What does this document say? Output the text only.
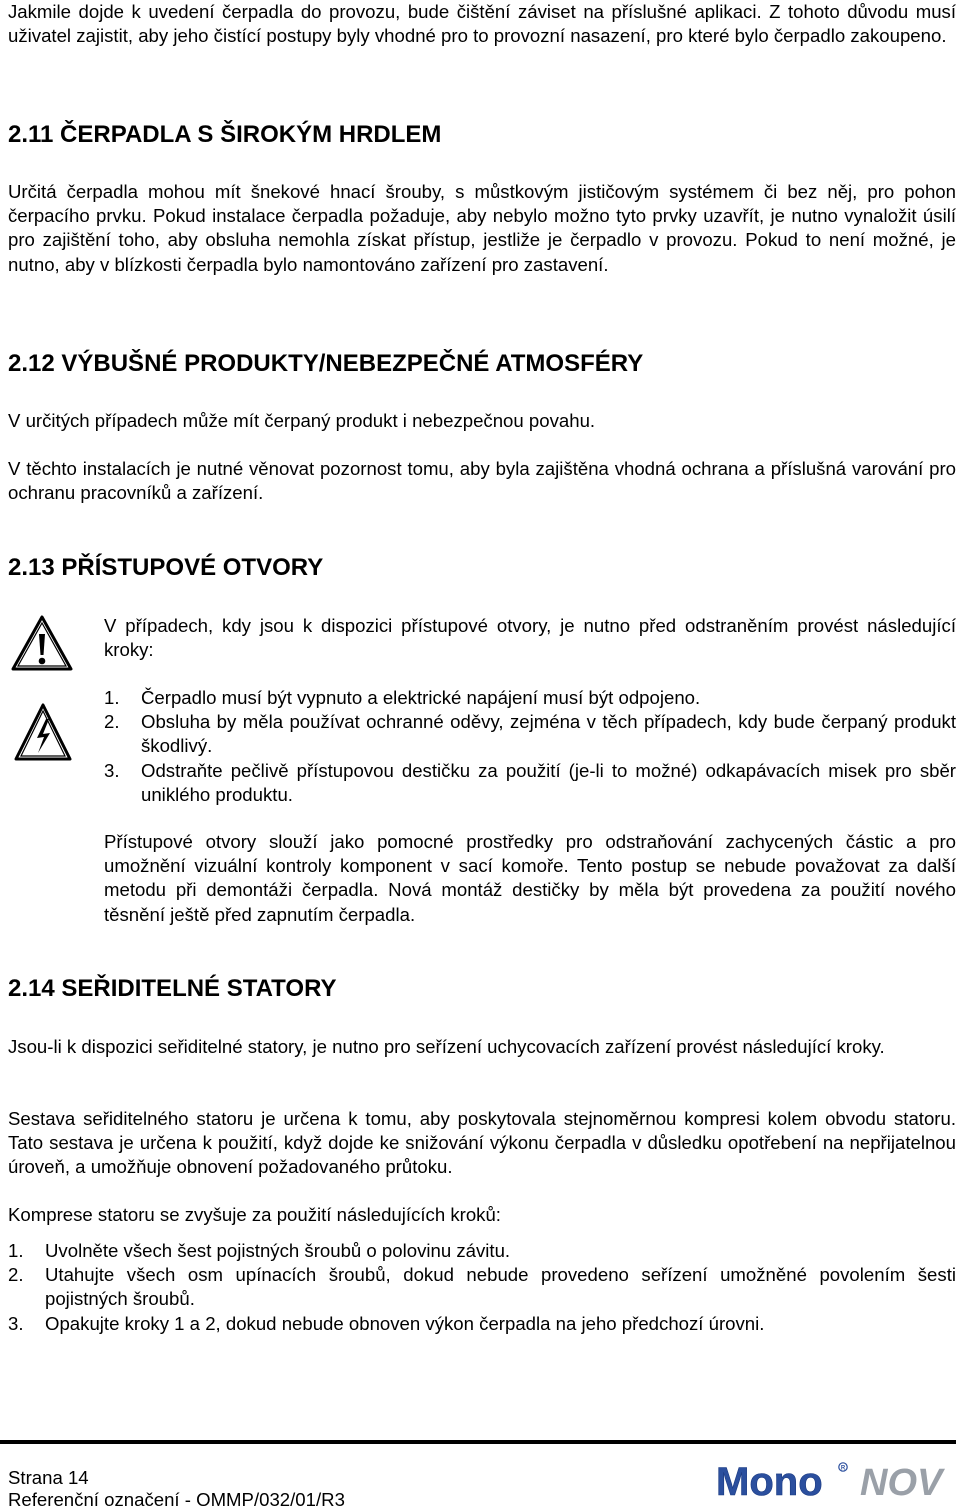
Jakmile dojde k uvedení čerpadla do provozu, bude čištění záviset na příslušné aplikaci. Z tohoto důvodu musí uživatel zajistit, aby jeho čistící postupy byly vhodné pro to provozní nasazení, pro které bylo čerpadlo zakoupeno.

2.11 ČERPADLA S ŠIROKÝM HRDLEM

Určitá čerpadla mohou mít šnekové hnací šrouby, s můstkovým jističovým systémem či bez něj, pro pohon čerpacího prvku. Pokud instalace čerpadla požaduje, aby nebylo možno tyto prvky uzavřít, je nutno vynaložit úsilí pro zajištění toho, aby obsluha nemohla získat přístup, jestliže je čerpadlo v provozu. Pokud to není možné, je nutno, aby v blízkosti čerpadla bylo namontováno zařízení pro zastavení.

2.12 VÝBUŠNÉ PRODUKTY/NEBEZPEČNÉ ATMOSFÉRY

V určitých případech může mít čerpaný produkt i nebezpečnou povahu.

V těchto instalacích je nutné věnovat pozornost tomu, aby byla zajištěna vhodná ochrana a příslušná varování pro ochranu pracovníků a zařízení.

2.13 PŘÍSTUPOVÉ OTVORY

V případech, kdy jsou k dispozici přístupové otvory, je nutno před odstraněním provést následující kroky:

1. Čerpadlo musí být vypnuto a elektrické napájení musí být odpojeno.
2. Obsluha by měla používat ochranné oděvy, zejména v těch případech, kdy bude čerpaný produkt škodlivý.
3. Odstraňte pečlivě přístupovou destičku za použití (je-li to možné) odkapávacích misek pro sběr uniklého produktu.

Přístupové otvory slouží jako pomocné prostředky pro odstraňování zachycených částic a pro umožnění vizuální kontroly komponent v sací komoře. Tento postup se nebude považovat za další metodu při demontáži čerpadla. Nová montáž destičky by měla být provedena za použití nového těsnění ještě před zapnutím čerpadla.

2.14 SEŘIDITELNÉ STATORY

Jsou-li k dispozici seřiditelné statory, je nutno pro seřízení uchycovacích zařízení provést následující kroky.

Sestava seřiditelného statoru je určena k tomu, aby poskytovala stejnoměrnou kompresi kolem obvodu statoru. Tato sestava je určena k použití, když dojde ke snižování výkonu čerpadla v důsledku opotřebení na nepřijatelnou úroveň, a umožňuje obnovení požadovaného průtoku.

Komprese statoru se zvyšuje za použití následujících kroků:

1. Uvolněte všech šest pojistných šroubů o polovinu závitu.
2. Utahujte všech osm upínacích šroubů, dokud nebude provedeno seřízení umožněné povolením šesti pojistných šroubů.
3. Opakujte kroky 1 a 2, dokud nebude obnoven výkon čerpadla na jeho předchozí úrovni.

Strana 14

Referenční označení - OMMP/032/01/R3	Mono	R NOV
